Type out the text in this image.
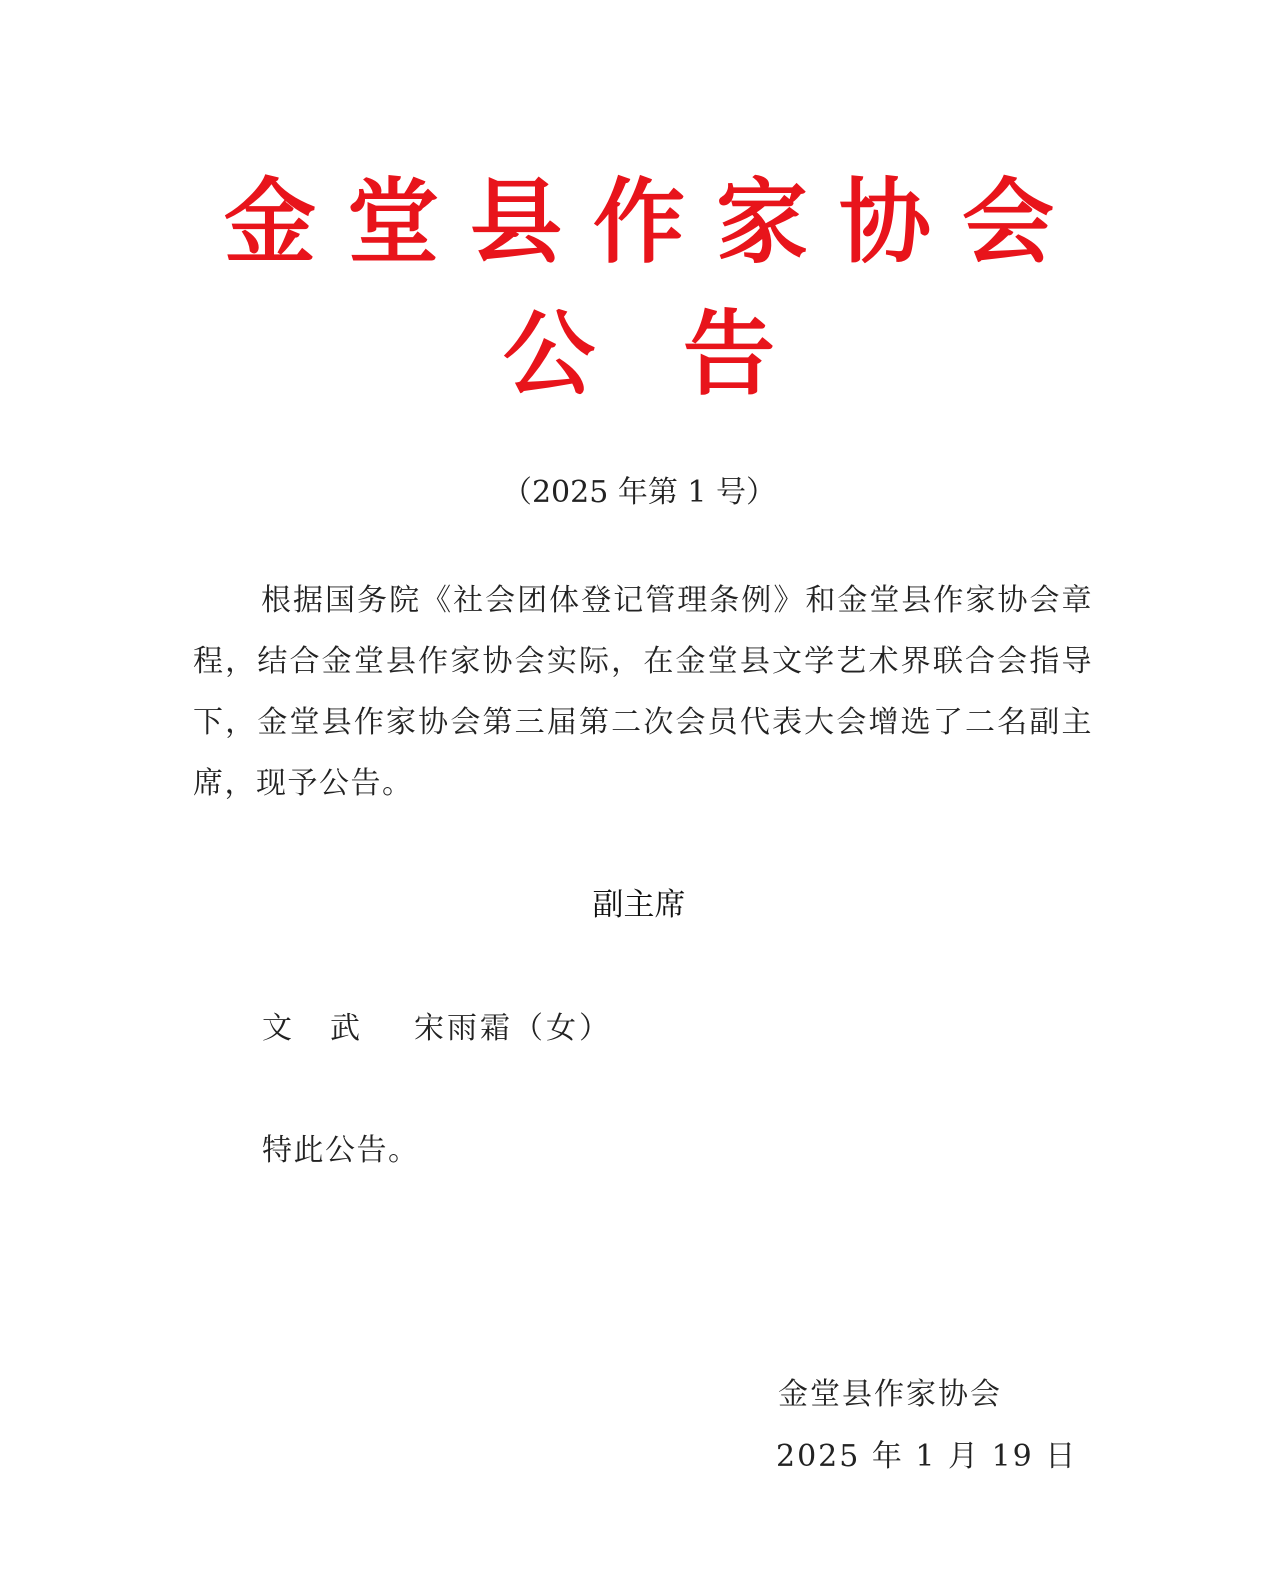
金堂县作家协会
公告
（2025 年第 1 号）

根据国务院《社会团体登记管理条例》和金堂县作家协会章程，结合金堂县作家协会实际，在金堂县文学艺术界联合会指导下，金堂县作家协会第三届第二次会员代表大会增选了二名副主席，现予公告。

副主席
文武 宋雨霜（女）
特此公告。
金堂县作家协会
2025 年 1 月 19 日
